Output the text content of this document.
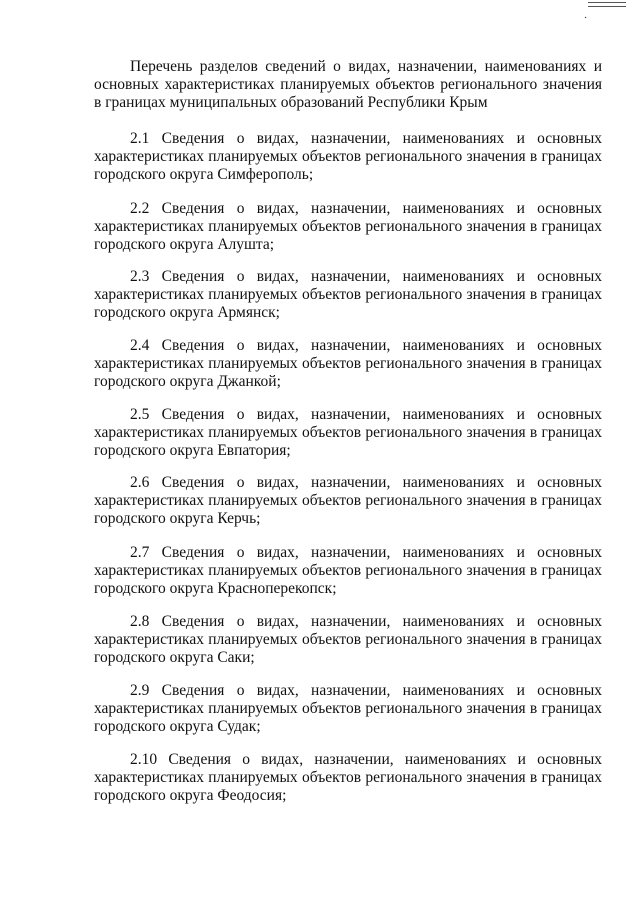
·
Перечень разделов сведений о видах, назначении, наименованиях и основных характеристиках планируемых объектов регионального значения в границах муниципальных образований Республики Крым
2.1 Сведения о видах, назначении, наименованиях и основных характеристиках планируемых объектов регионального значения в границах городского округа Симферополь;
2.2 Сведения о видах, назначении, наименованиях и основных характеристиках планируемых объектов регионального значения в границах городского округа Алушта;
2.3 Сведения о видах, назначении, наименованиях и основных характеристиках планируемых объектов регионального значения в границах городского округа Армянск;
2.4 Сведения о видах, назначении, наименованиях и основных характеристиках планируемых объектов регионального значения в границах городского округа Джанкой;
2.5 Сведения о видах, назначении, наименованиях и основных характеристиках планируемых объектов регионального значения в границах городского округа Евпатория;
2.6 Сведения о видах, назначении, наименованиях и основных характеристиках планируемых объектов регионального значения в границах городского округа Керчь;
2.7 Сведения о видах, назначении, наименованиях и основных характеристиках планируемых объектов регионального значения в границах городского округа Красноперекопск;
2.8 Сведения о видах, назначении, наименованиях и основных характеристиках планируемых объектов регионального значения в границах городского округа Саки;
2.9 Сведения о видах, назначении, наименованиях и основных характеристиках планируемых объектов регионального значения в границах городского округа Судак;
2.10 Сведения о видах, назначении, наименованиях и основных характеристиках планируемых объектов регионального значения в границах городского округа Феодосия;
